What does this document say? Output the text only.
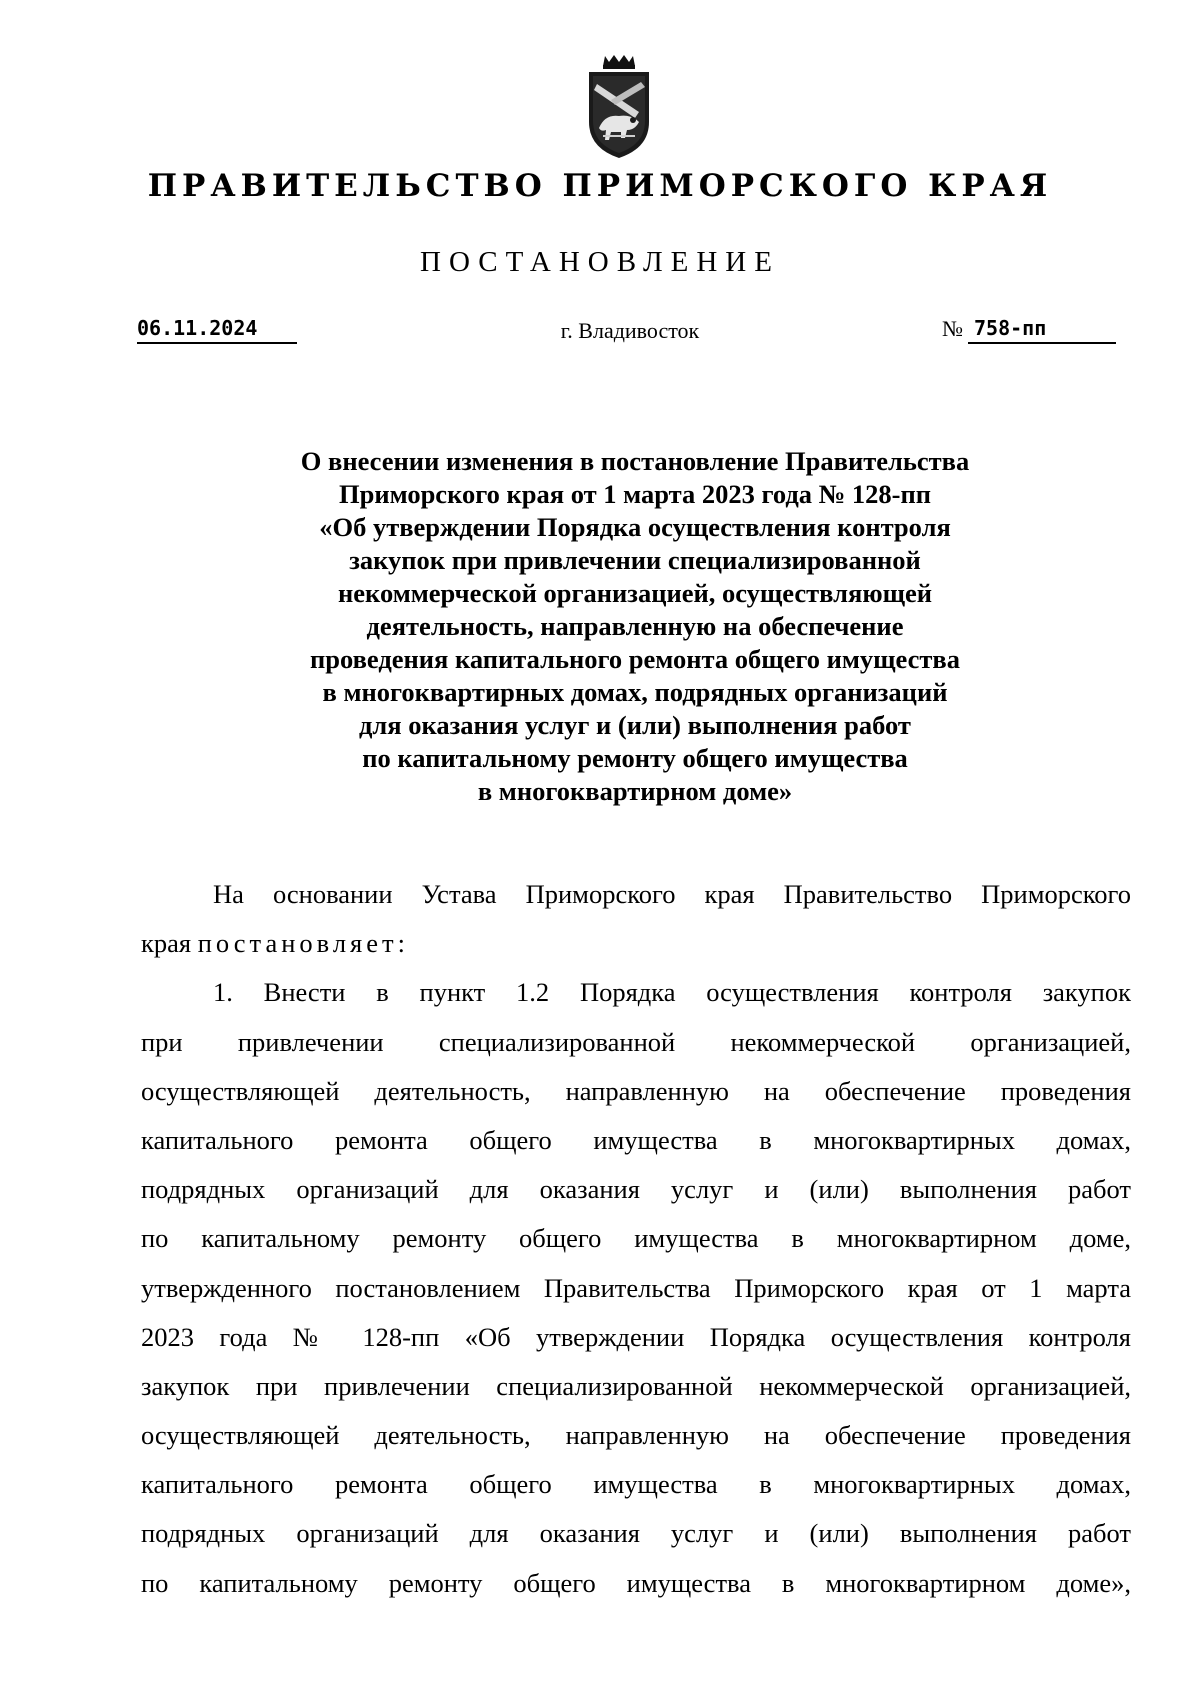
ПРАВИТЕЛЬСТВО ПРИМОРСКОГО КРАЯ
ПОСТАНОВЛЕНИЕ
06.11.2024	г. Владивосток	№ 758-пп
О внесении изменения в постановление Правительства
Приморского края от 1 марта 2023 года № 128-пп
«Об утверждении Порядка осуществления контроля
закупок при привлечении специализированной
некоммерческой организацией, осуществляющей
деятельность, направленную на обеспечение
проведения капитального ремонта общего имущества
в многоквартирных домах, подрядных организаций
для оказания услуг и (или) выполнения работ
по капитальному ремонту общего имущества
в многоквартирном доме»
На основании Устава Приморского края Правительство Приморского
края постановляет:
1. Внести в пункт 1.2 Порядка осуществления контроля закупок
при привлечении специализированной некоммерческой организацией,
осуществляющей деятельность, направленную на обеспечение проведения
капитального ремонта общего имущества в многоквартирных домах,
подрядных организаций для оказания услуг и (или) выполнения работ
по капитальному ремонту общего имущества в многоквартирном доме,
утвержденного постановлением Правительства Приморского края от 1 марта
2023 года № 128-пп «Об утверждении Порядка осуществления контроля
закупок при привлечении специализированной некоммерческой организацией,
осуществляющей деятельность, направленную на обеспечение проведения
капитального ремонта общего имущества в многоквартирных домах,
подрядных организаций для оказания услуг и (или) выполнения работ
по капитальному ремонту общего имущества в многоквартирном доме»,
